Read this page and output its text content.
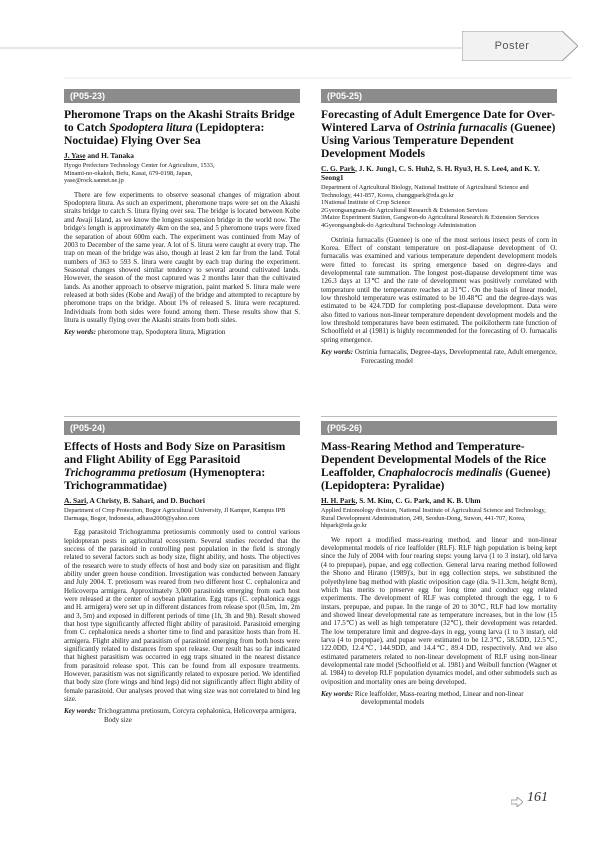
Poster
(P05-23)
Pheromone Traps on the Akashi Straits Bridge to Catch Spodoptera litura (Lepidoptera: Noctuidae) Flying Over Sea
J. Yase and H. Tanaka
Hyogo Prefecture Technology Center for Agriculture, 1533,
Minami-no-okakoh, Befu, Kasai, 679-0198, Japan,
yase@rock.sannet.ne.jp
There are few experiments to observe seasonal changes of migration about Spodoptera litura. As such an experiment, pheromone traps were set on the Akashi straits bridge to catch S. litura flying over sea. The bridge is located between Kobe and Awaji Island, as we know the longest suspension bridge in the world now. The bridge's length is approximately 4km on the sea, and 5 pheromone traps were fixed the separation of about 600m each. The experiment was continued from May of 2003 to December of the same year. A lot of S. litura were caught at every trap. The trap on mean of the bridge was also, though at least 2 km far from the land. Total numbers of 363 to 593 S. litura were caught by each trap during the experiment. Seasonal changes showed similar tendency to several around cultivated lands. However, the season of the most captured was 2 months later than the cultivated lands. As another approach to observe migration, paint marked S. litura male were released at both sides (Kobe and Awaji) of the bridge and attempted to recapture by pheromone traps on the bridge. About 1% of released S. litura were recaptured. Individuals from both sides were found among them. These results show that S. litura is usually flying over the Akashi straits from both sides.
Key words: pheromone trap, Spodoptera litura, Migration
(P05-25)
Forecasting of Adult Emergence Date for Over-Wintered Larva of Ostrinia furnacalis (Guenee) Using Various Temperature Dependent Development Models
C. G. Park, J. K. Jung1, C. S. Huh2, S. H. Ryu3, H. S. Lee4, and K. Y. Seong1
Department of Agricultural Biology, National Institute of Agricultural Science and Technology, 441-857, Korea, changgpark@rda.go.kr
1National Institute of Crop Science
2Gyeongsangnam-do Agricultural Research & Extension Services
3Maize Experiment Station, Gangwon-do Agricultural Research & Extension Services
4Gyeongsangbuk-do Agricultural Technology Administration
Ostrinia furnacalis (Guenee) is one of the most serious insect pests of corn in Korea. Effect of constant temperature on post-diapause development of O. furnacalis was examined and various temperature dependent development models were fitted to forecast its spring emergence based on degree-days and developmental rate summation. The longest post-diapause development time was 126.3 days at 13℃ and the rate of development was positively correlated with temperature until the temperature reaches at 31℃. On the basis of linear model, low threshold temperature was estimated to be 10.48℃ and the degree-days was estimated to be 424.7DD for completing post-diapause development. Data were also fitted to various non-linear temperature dependent development models and the low threshold temperatures have been estimated. The poikilotherm rate function of Schoolfield et al (1981) is highly recommended for the forecasting of O. furnacalis spring emergence.
Key words: Ostrinia furnacalis, Degree-days, Developmental rate, Adult emergence, Forecasting model
(P05-24)
Effects of Hosts and Body Size on Parasitism and Flight Ability of Egg Parasitoid Trichogramma pretiosum (Hymenoptera: Trichogrammatidae)
A. Sari, A Christy, B. Sahari, and D. Buchori
Department of Crop Protection, Bogor Agricultural University, Jl Kamper, Kampus IPB Darmaga, Bogor, Indonesia, adhass2000@yahoo.com
Egg parasitoid Trichogramma pretiosumis commonly used to control various lepidopteran pests in agricultural ecosystem. Several studies recorded that the success of the parasitoid in controlling pest population in the field is strongly related to several factors such as body size, flight ability, and hosts. The objectives of the research were to study effects of host and body size on parasitism and flight ability under green house condition. Investigation was conducted between January and July 2004. T. pretiosum was reared from two different host C. cephalonica and Helicoverpa armigera. Approximately 3,000 parasitoids emerging from each host were released at the center of soybean plantation. Egg traps (C. cephalonica eggs and H. armigera) were set up in different distances from release spot (0.5m, 1m, 2m and 3, 5m) and exposed in different periods of time (1h, 3h and 9h). Result showed that host type significantly affected flight ability of parasitoid. Parasitoid emerging from C. cephalonica needs a shorter time to find and parasitize hosts than from H. armigera. Flight ability and parasitism of parasitoid emerging from both hosts were significantly related to distances from spot release. Our result has so far indicated that highest parasitism was occurred in egg traps situated in the nearest distance from parasitoid release spot. This can be found from all exposure treatments. However, parasitism was not significantly related to exposure period. We identified that body size (fore wings and hind legs) did not significantly affect flight ability of female parasitoid. Our analyses proved that wing size was not correlated to hind leg size.
Key words: Trichogramma pretiosum, Corcyra cephalonica, Helicoverpa armigera, Body size
(P05-26)
Mass-Rearing Method and Temperature-Dependent Developmental Models of the Rice Leaffolder, Cnaphalocrocis medinalis (Guenee) (Lepidoptera: Pyralidae)
H. H. Park, S. M. Kim, C. G. Park, and K. B. Uhm
Applied Entomology division, National Institute of Agricultural Science and Technology, Rural Development Administration, 249, Seodun-Dong, Suwon, 441-707, Korea, hhpark@rda.go.kr
We report a modified mass-rearing method, and linear and non-linear developmental models of rice leaffolder (RLF). RLF high population is being kept since the July of 2004 with four rearing steps: young larva (1 to 3 instar), old larva (4 to prepupae), pupae, and egg collection. General larva rearing method followed the Shono and Hirano (1989)'s, but in egg collection steps, we substituted the polyethylene bag method with plastic oviposition cage (dia. 9-11.3cm, height 8cm), which has merits to preserve egg for long time and conduct egg related experiments. The development of RLF was completed through the egg, 1 to 6 instars, prepupae, and pupae. In the range of 20 to 30℃, RLF had low mortality and showed linear developmental rate as temperature increases, but in the low (15 and 17.5℃) as well as high temperature (32℃), their development was retarded. The low temperature limit and degree-days in egg, young larva (1 to 3 instar), old larva (4 to prepupae), and pupae were estimated to be 12.3℃, 58.5DD, 12.5℃, 122.0DD, 12.4℃, 144.9DD, and 14.4℃, 89.4 DD, respectively. And we also estimated parameters related to non-linear development of RLF using non-linear developmental rate model (Schoolfield et al. 1981) and Weibull function (Wagner et al. 1984) to develop RLF population dynamics model, and other submodels such as oviposition and mortality ones are being developed.
Key words: Rice leaffolder, Mass-rearing method, Linear and non-linear developmental models
161
